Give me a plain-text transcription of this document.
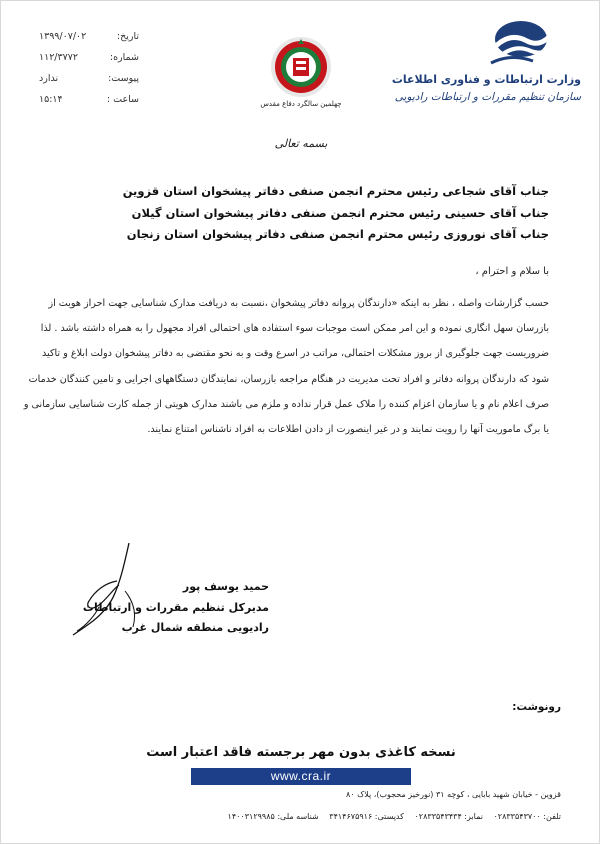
وزارت ارتباطات و فناوری اطلاعات
سازمان تنظیم مقررات و ارتباطات رادیویی
چهلمین سالگرد دفاع مقدس
تاریخ:
۱۳۹۹/۰۷/۰۲
شماره:
۱۱۲/۳۷۷۲
پیوست:
ندارد
ساعت :
۱۵:۱۴
بسمه تعالی
جناب آقای شجاعی رئیس محترم انجمن صنفی دفاتر پیشخوان استان قزوین
جناب آقای حسینی رئیس محترم انجمن صنفی دفاتر پیشخوان استان گیلان
جناب آقای نوروزی رئیس محترم انجمن صنفی دفاتر پیشخوان استان زنجان
با سلام و احترام ،
حسب گزارشات واصله ، نظر به اینکه «دارندگان پروانه دفاتر پیشخوان ،نسبت به دریافت مدارک شناسایی جهت احراز هویت از
بازرسان سهل انگاری نموده و این امر ممکن است موجبات سوء استفاده های احتمالی افراد مجهول را به همراه داشته باشد . لذا
ضروریست جهت جلوگیری از بروز مشکلات احتمالی، مراتب در اسرع وقت و به نحو مقتضی به دفاتر پیشخوان دولت ابلاغ و تاکید
شود که دارندگان پروانه دفاتر و افراد تحت مدیریت در هنگام مراجعه بازرسان، نمایندگان دستگاههای اجرایی و تامین کنندگان خدمات
صرف اعلام نام و یا سازمان اعزام کننده را ملاک عمل قرار نداده و ملزم می باشند مدارک هویتی از جمله کارت شناسایی سازمانی و
یا برگ ماموریت آنها را رویت نمایند و در غیر اینصورت از دادن اطلاعات به افراد ناشناس امتناع نمایند.
حمید یوسف پور
مدیرکل تنظیم مقررات و ارتباطات
رادیویی منطقه شمال غرب
رونوشت:
نسخه کاغذی بدون مهر برجسته فاقد اعتبار است
www.cra.ir
قزوین - خیابان شهید بابایی ، کوچه ۳۱ (نورخیز محجوب)، پلاک ۸۰
تلفن: ۰۲۸۳۳۵۴۳۷۰۰ نمابر: ۰۲۸۳۳۵۴۳۴۳۴ کدپستی: ۳۴۱۴۶۷۵۹۱۶ شناسه ملی: ۱۴۰۰۳۱۲۹۹۸۵
